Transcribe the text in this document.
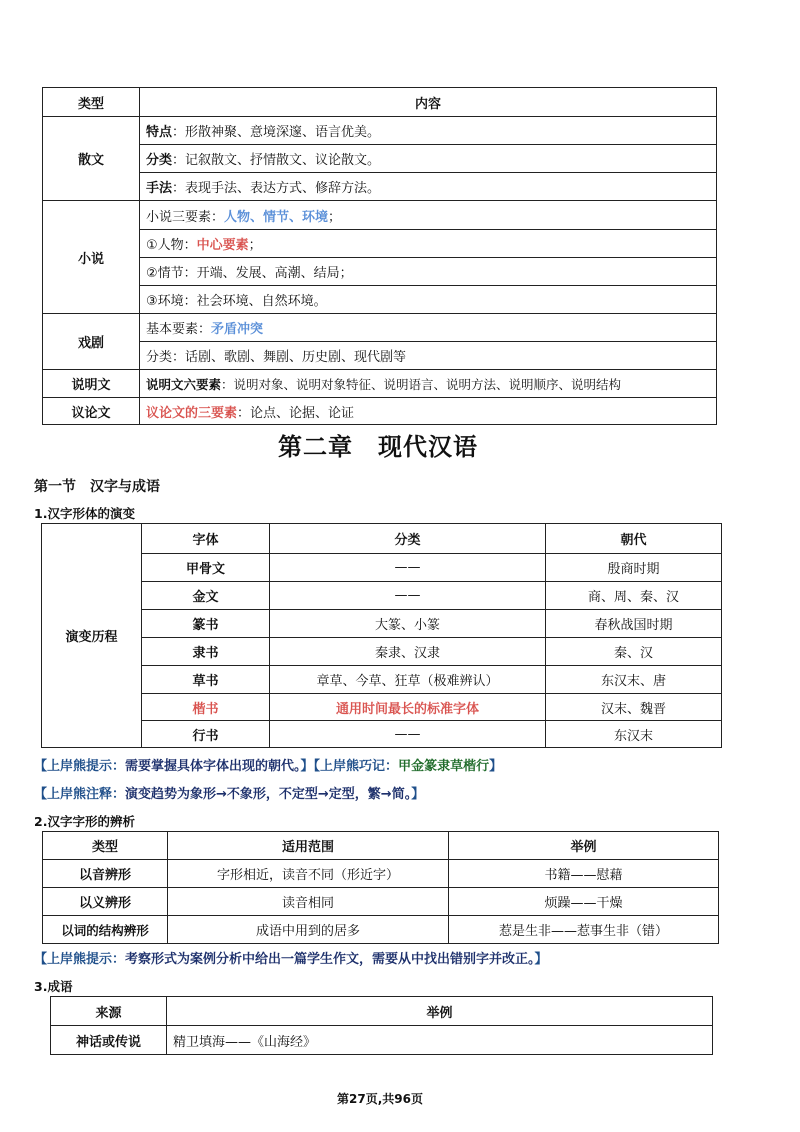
类型	内容
散文	特点：形散神聚、意境深邃、语言优美。
	分类：记叙散文、抒情散文、议论散文。
	手法：表现手法、表达方式、修辞方法。
小说	小说三要素：人物、情节、环境；
	①人物：中心要素；
	②情节：开端、发展、高潮、结局；
	③环境：社会环境、自然环境。
戏剧	基本要素：矛盾冲突
	分类：话剧、歌剧、舞剧、历史剧、现代剧等
说明文	说明文六要素：说明对象、说明对象特征、说明语言、说明方法、说明顺序、说明结构
议论文	议论文的三要素：论点、论据、论证
第二章　现代汉语
第一节　汉字与成语
1.汉字形体的演变
演变历程	字体	分类	朝代
	甲骨文	——	殷商时期
	金文	——	商、周、秦、汉
	篆书	大篆、小篆	春秋战国时期
	隶书	秦隶、汉隶	秦、汉
	草书	章草、今草、狂草（极难辨认）	东汉末、唐
	楷书	通用时间最长的标准字体	汉末、魏晋
	行书	——	东汉末
【上岸熊提示：需要掌握具体字体出现的朝代。】【上岸熊巧记：甲金篆隶草楷行】
【上岸熊注释：演变趋势为象形→不象形，不定型→定型，繁→简。】
2.汉字字形的辨析
类型	适用范围	举例
以音辨形	字形相近，读音不同（形近字）	书籍——慰藉
以义辨形	读音相同	烦躁——干燥
以词的结构辨形	成语中用到的居多	惹是生非——惹事生非（错）
【上岸熊提示：考察形式为案例分析中给出一篇学生作文，需要从中找出错别字并改正。】
3.成语
来源	举例
神话或传说	精卫填海——《山海经》
第27页,共96页
